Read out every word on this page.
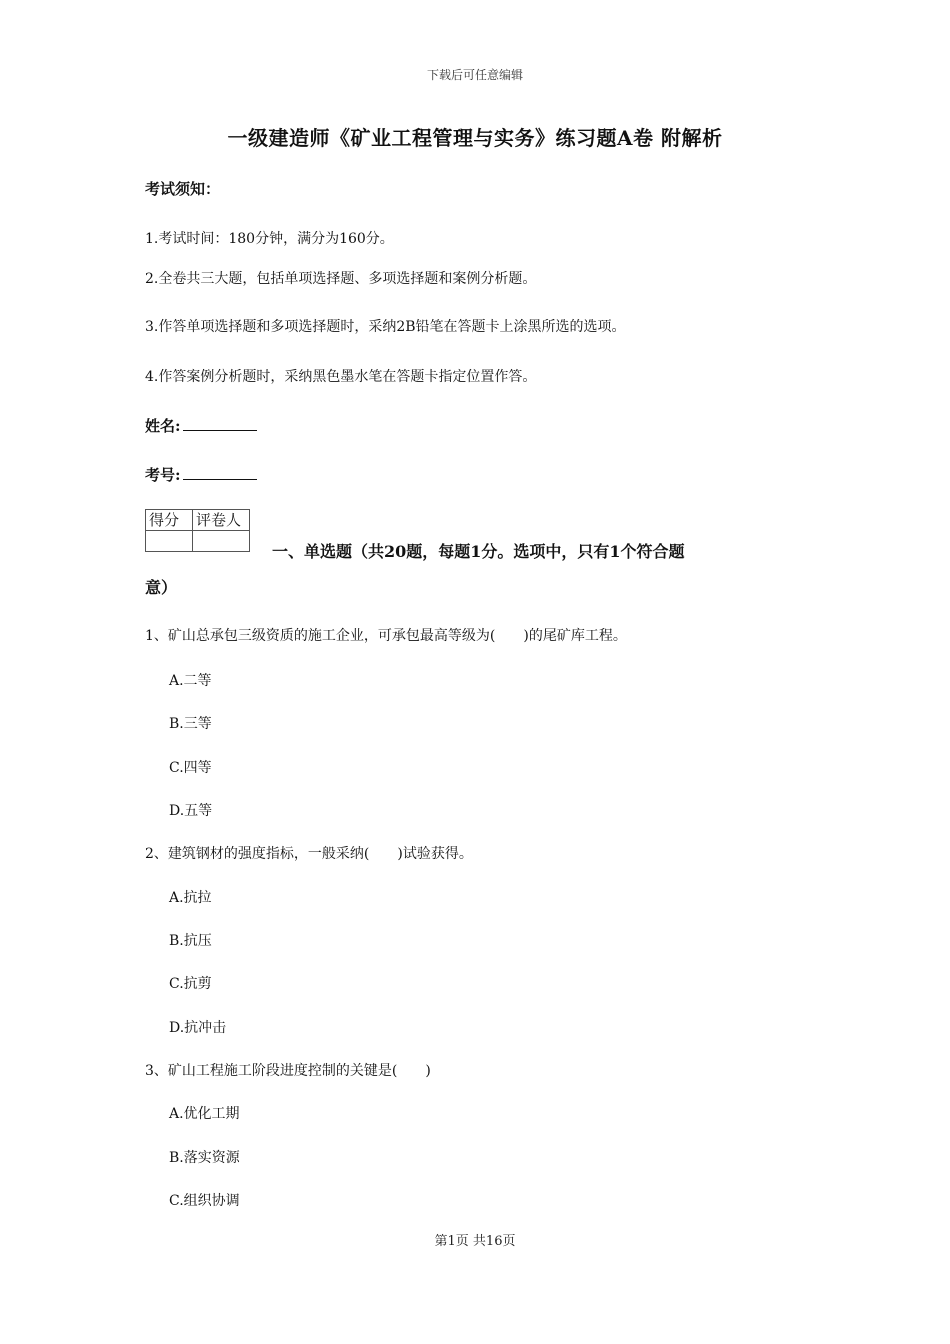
下载后可任意编辑
一级建造师《矿业工程管理与实务》练习题A卷 附解析
考试须知：
1.考试时间：180分钟，满分为160分。
2.全卷共三大题，包括单项选择题、多项选择题和案例分析题。
3.作答单项选择题和多项选择题时，采纳2B铅笔在答题卡上涂黑所选的选项。
4.作答案例分析题时，采纳黑色墨水笔在答题卡指定位置作答。
姓名:
考号:
得分	评卷人

一、单选题（共20题，每题1分。选项中，只有1个符合题
意）
1、矿山总承包三级资质的施工企业，可承包最高等级为(　　)的尾矿库工程。
A.二等
B.三等
C.四等
D.五等
2、建筑钢材的强度指标，一般采纳(　　)试验获得。
A.抗拉
B.抗压
C.抗剪
D.抗冲击
3、矿山工程施工阶段进度控制的关键是(　　)
A.优化工期
B.落实资源
C.组织协调
第1页 共16页
